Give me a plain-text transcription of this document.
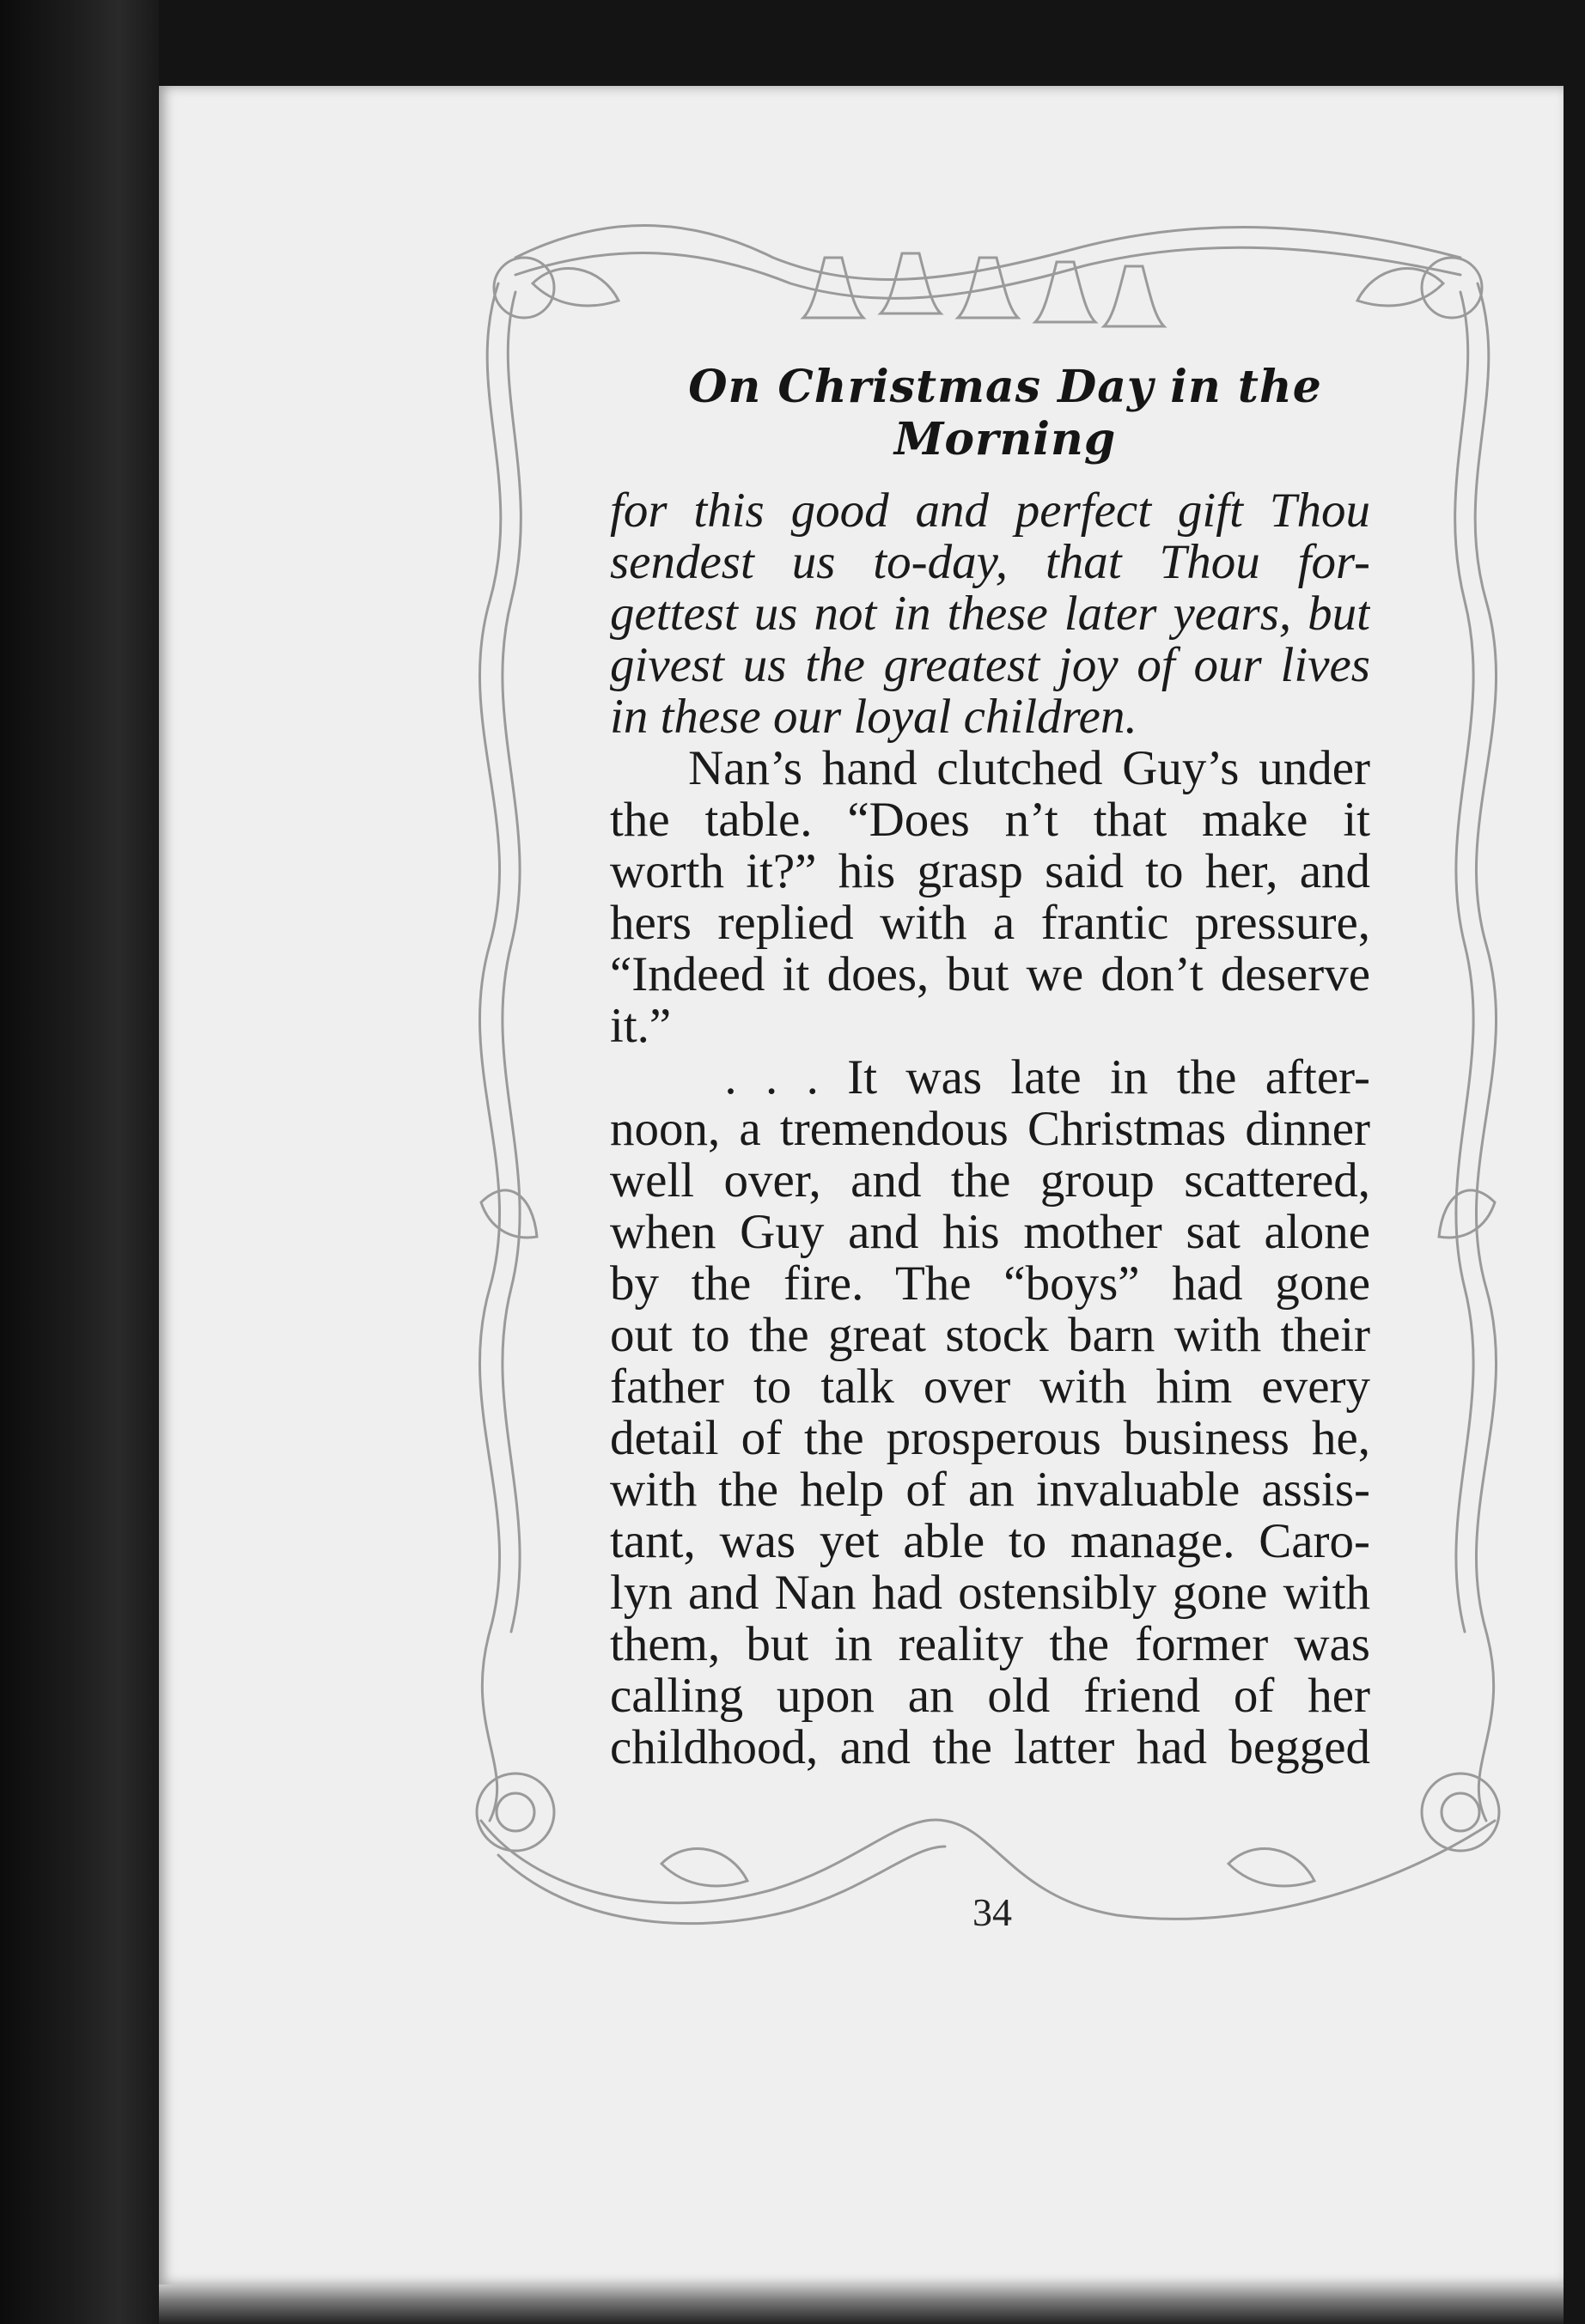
On Christmas Day in the Morning
for this good and perfect gift Thou
sendest us to-day, that Thou for-
gettest us not in these later years, but
givest us the greatest joy of our lives
in these our loyal children.
Nan’s hand clutched Guy’s under
the table. “Does n’t that make it
worth it?” his grasp said to her, and
hers replied with a frantic pressure,
“Indeed it does, but we don’t deserve
it.”
. . . It was late in the after-
noon, a tremendous Christmas dinner
well over, and the group scattered,
when Guy and his mother sat alone
by the fire. The “boys” had gone
out to the great stock barn with their
father to talk over with him every
detail of the prosperous business he,
with the help of an invaluable assis-
tant, was yet able to manage. Caro-
lyn and Nan had ostensibly gone with
them, but in reality the former was
calling upon an old friend of her
childhood, and the latter had begged
34
